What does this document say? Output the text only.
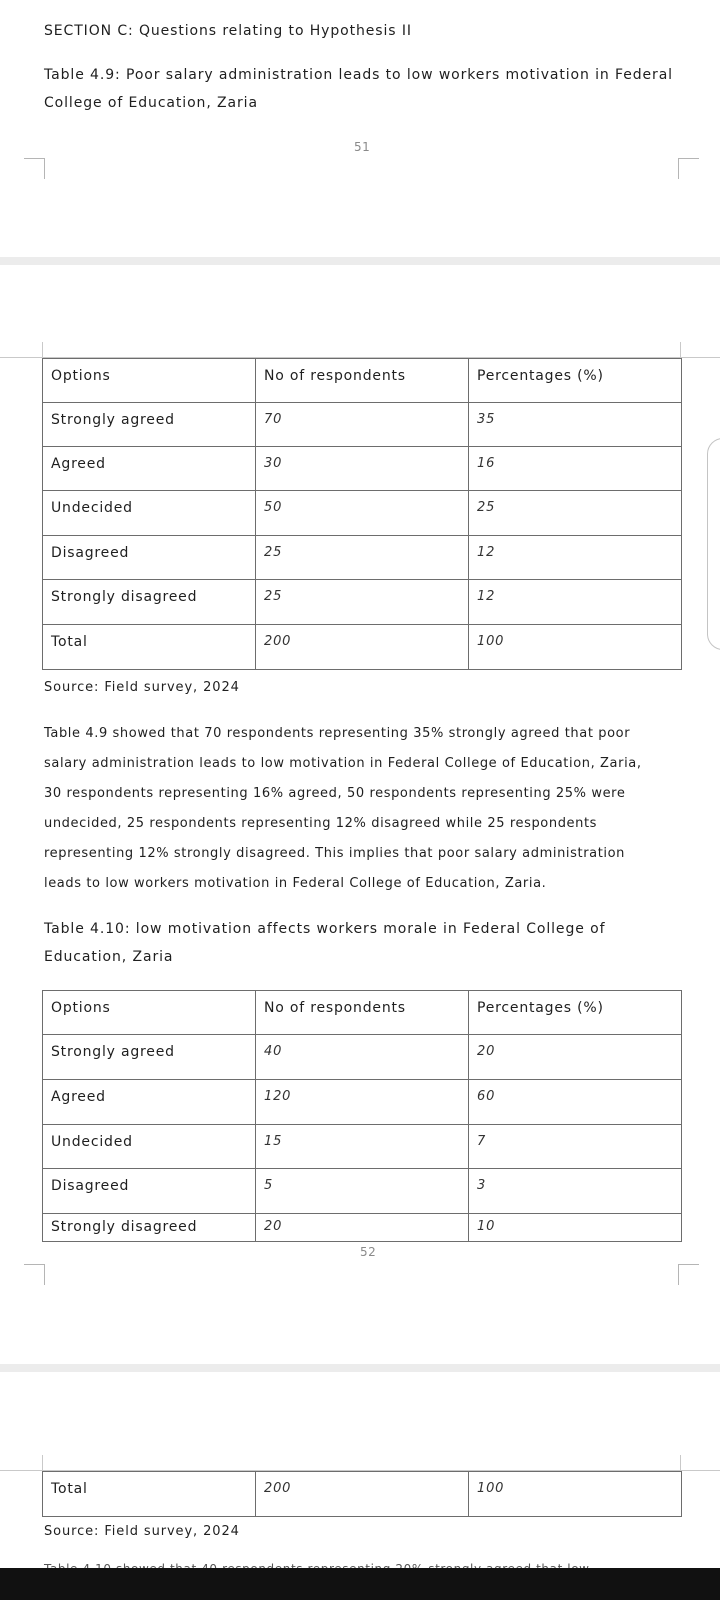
SECTION C: Questions relating to Hypothesis II
Table 4.9: Poor salary administration leads to low workers motivation in Federal
College of Education, Zaria
51
Options	No of respondents	Percentages (%)
Strongly agreed	70	35
Agreed	30	16
Undecided	50	25
Disagreed	25	12
Strongly disagreed	25	12
Total	200	100
Source: Field survey, 2024
Table 4.9 showed that 70 respondents representing 35% strongly agreed that poor
salary administration leads to low motivation in Federal College of Education, Zaria,
30 respondents representing 16% agreed, 50 respondents representing 25% were
undecided, 25 respondents representing 12% disagreed while 25 respondents
representing 12% strongly disagreed. This implies that poor salary administration
leads to low workers motivation in Federal College of Education, Zaria.
Table 4.10: low motivation affects workers morale in Federal College of
Education, Zaria
Options	No of respondents	Percentages (%)
Strongly agreed	40	20
Agreed	120	60
Undecided	15	7
Disagreed	5	3
Strongly disagreed	20	10
52
Total	200	100
Source: Field survey, 2024
